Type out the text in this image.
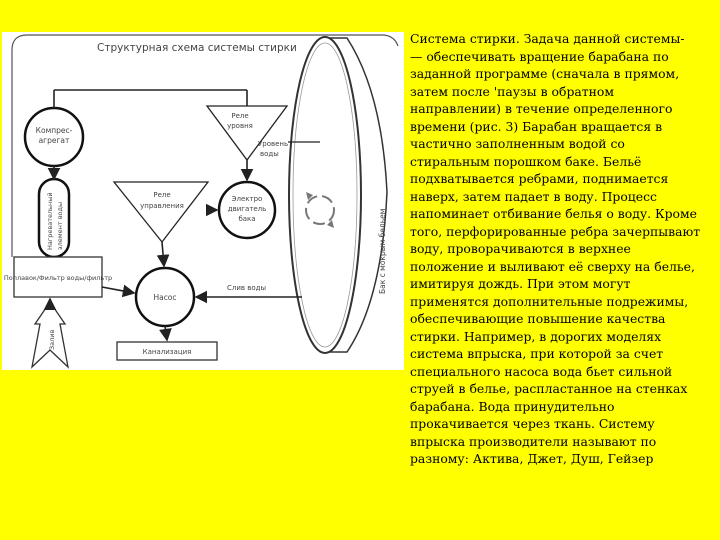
Структурная схема системы стирки
Бак с мокрым бельем
Компрес-
агрегат
Реле
уровня
Уровень
воды
Реле
управления
Электро
двигатель
бака
Насос
Нагревательный элемент воды
Поплавок/Фильтр воды/фильтр
Залив
Канализация
Слив воды
Система стирки. Задача данной системы-
— обеспечивать вращение барабана по
заданной программе (сначала в прямом,
затем после 'паузы в обратном
направлении) в течение определенного
времени (рис. 3) Барабан вращается в
частично заполненным водой со
стиральным порошком баке. Бельё
подхватывается ребрами, поднимается
наверх, затем падает в воду. Процесс
напоминает отбивание белья о воду. Кроме
того, перфорированные ребра зачерпывают
воду, проворачиваются в верхнее
положение и выливают её сверху на белье,
имитируя дождь. При этом могут
применятся дополнительные подрежимы,
обеспечивающие повышение качества
стирки. Например, в дорогих моделях
система впрыска, при которой за счет
специального насоса вода бьет сильной
струей в белье, распластанное на стенках
барабана. Вода принудительно
прокачивается через ткань. Систему
впрыска производители называют по
разному: Актива, Джет, Душ, Гейзер
